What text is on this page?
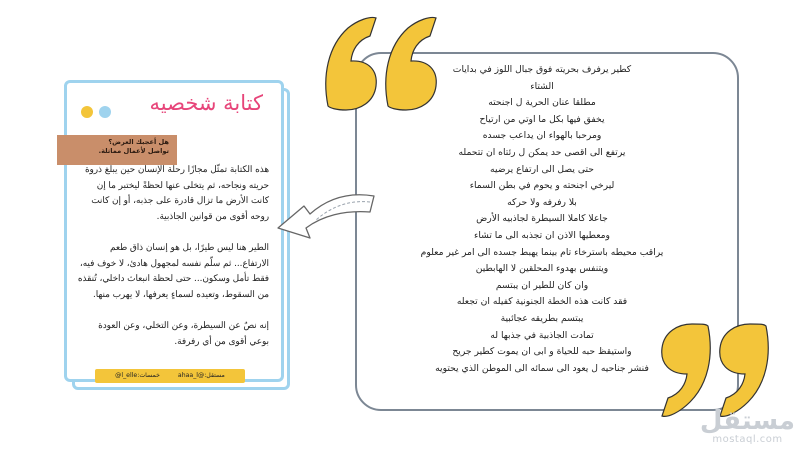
كطير يرفرف بحريته فوق جبال اللوز في بدايات
الشتاء
مطلقا عنان الحرية ل اجنحته
يخفق فيها بكل ما اوتي من ارتياح
ومرحبا بالهواء ان يداعب جسده
يرتفع الى اقصى حد يمكن ل رئتاه ان تتحمله
حتى يصل الى ارتفاع يرضيه
ليرخي اجنحته و يحوم في بطن السماء
بلا رفرفه ولا حركه
جاعلا كاملا السيطرة لجاذبيه الأرض
ومعطيها الاذن ان تجذبه الى ما تشاء
يراقب محيطه باسترخاء تام بينما يهبط جسده الى امر غير معلوم
ويتنفس بهدوء المحلقين لا الهابطين
وان كان للطير ان يبتسم
فقد كانت هذه الخطة الجنونية كفيله ان تجعله
يبتسم بطريقه عجائبية
تمادت الجاذبية في جذبها له
واستيقظ حبه للحياة و ابى ان يموت كطير جريح
فنشر جناحيه ل يعود الى سمائه الى الموطن الذي يحتويه
كتابة شخصيه
هل أعجبك العرض؟
تواصل لأعمال مماثلة.

هذه الكتابة تمثّل مجازًا رحلة الإنسان حين يبلغ ذروة حريته ونجاحه، ثم يتخلى عنها لحظةً ليختبر ما إن كانت الأرض ما تزال قادرة على جذبه، أو إن كانت روحه أقوى من قوانين الجاذبية.

الطير هنا ليس طيرًا، بل هو إنسان ذاق طعم الارتفاع... ثم سلّم نفسه لمجهول هادئ، لا خوف فيه، فقط تأمل وسكون... حتى لحظة انبعاث داخلي، تُنقذه من السقوط، وتعيده لسماءٍ يعرفها، لا يهرب منها.

إنه نصٌ عن السيطرة، وعن التخلي، وعن العودة بوعي أقوى من أي رفرفة.

مستقل:@ahaa_l خمسات:l_elle@
مستقل
mostaql.com
